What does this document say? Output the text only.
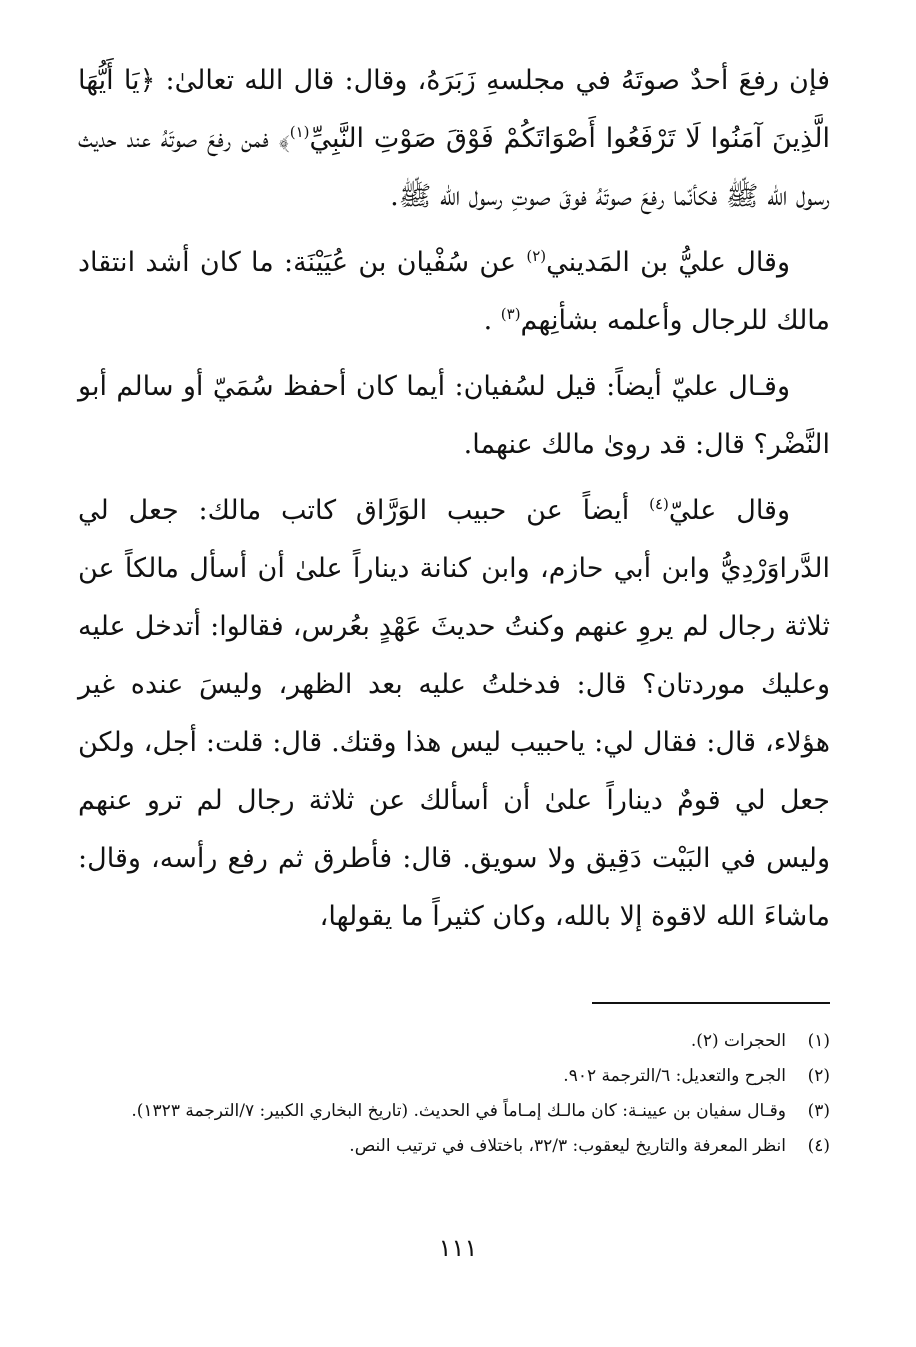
فإن رفعَ أحدٌ صوتَهُ في مجلسهِ زَبَرَهُ، وقال: قال الله تعالىٰ: ﴿يَا أَيُّهَا الَّذِينَ آمَنُوا لَا تَرْفَعُوا أَصْوَاتَكُمْ فَوْقَ صَوْتِ النَّبِيِّ$^{(١)}$﴾ فمن رفعَ صوتَهُ عند حديث رسول الله ﷺ فكأنّما رفعَ صوتَهُ فوقَ صوتِ رسول الله ﷺ.

وقال عليُّ بن المَديني$^{(٢)}$ عن سُفْيان بن عُيَيْنَة: ما كان أشد انتقاد مالك للرجال وأعلمه بشأنِهم$^{(٣)}$ .

وقـال عليّ أيضاً: قيل لسُفيان: أيما كان أحفظ سُمَيّ أو سالم أبو النَّضْر؟ قال: قد روىٰ مالك عنهما.

وقال عليّ$^{(٤)}$ أيضاً عن حبيب الوَرَّاق كاتب مالك: جعل لي الدَّراوَرْدِيُّ وابن أبي حازم، وابن كنانة ديناراً علىٰ أن أسأل مالكاً عن ثلاثة رجال لم يروِ عنهم وكنتُ حديثَ عَهْدٍ بعُرس، فقالوا: أتدخل عليه وعليك موردتان؟ قال: فدخلتُ عليه بعد الظهر، وليسَ عنده غير هؤلاء، قال: فقال لي: ياحبيب ليس هذا وقتك. قال: قلت: أجل، ولكن جعل لي قومٌ ديناراً علىٰ أن أسألك عن ثلاثة رجال لم ترو عنهم وليس في البَيْت دَقِيق ولا سويق. قال: فأطرق ثم رفع رأسه، وقال: ماشاءَ الله لاقوة إلا بالله، وكان كثيراً ما يقولها،

(١)
الحجرات (٢).
(٢)
الجرح والتعديل: ٦/الترجمة ٩٠٢.
(٣)
وقـال سفيان بن عيينـة: كان مالـك إمـاماً في الحديث. (تاريخ البخاري الكبير: ٧/الترجمة ١٣٢٣).
(٤)
انظر المعرفة والتاريخ ليعقوب: ٣٢/٣، باختلاف في ترتيب النص.
١١١
